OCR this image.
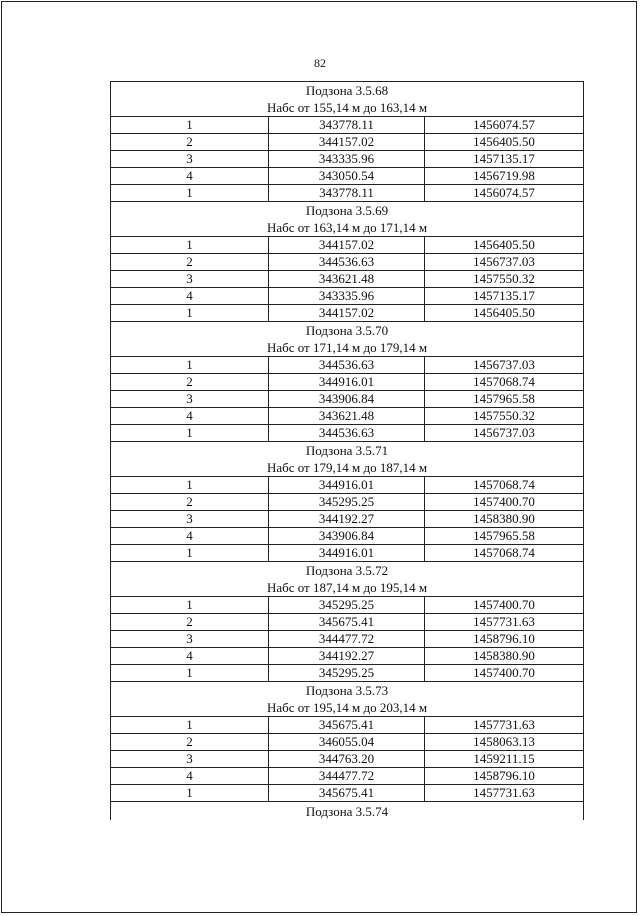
82
Подзона 3.5.68
Набс от 155,14 м до 163,14 м		

1	343778.11	1456074.57
2	344157.02	1456405.50
3	343335.96	1457135.17
4	343050.54	1456719.98
1	343778.11	1456074.57

Подзона 3.5.69
Набс от 163,14 м до 171,14 м		

1	344157.02	1456405.50
2	344536.63	1456737.03
3	343621.48	1457550.32
4	343335.96	1457135.17
1	344157.02	1456405.50

Подзона 3.5.70
Набс от 171,14 м до 179,14 м		

1	344536.63	1456737.03
2	344916.01	1457068.74
3	343906.84	1457965.58
4	343621.48	1457550.32
1	344536.63	1456737.03

Подзона 3.5.71
Набс от 179,14 м до 187,14 м		

1	344916.01	1457068.74
2	345295.25	1457400.70
3	344192.27	1458380.90
4	343906.84	1457965.58
1	344916.01	1457068.74

Подзона 3.5.72
Набс от 187,14 м до 195,14 м		

1	345295.25	1457400.70
2	345675.41	1457731.63
3	344477.72	1458796.10
4	344192.27	1458380.90
1	345295.25	1457400.70

Подзона 3.5.73
Набс от 195,14 м до 203,14 м		

1	345675.41	1457731.63
2	346055.04	1458063.13
3	344763.20	1459211.15
4	344477.72	1458796.10
1	345675.41	1457731.63
Подзона 3.5.74		
